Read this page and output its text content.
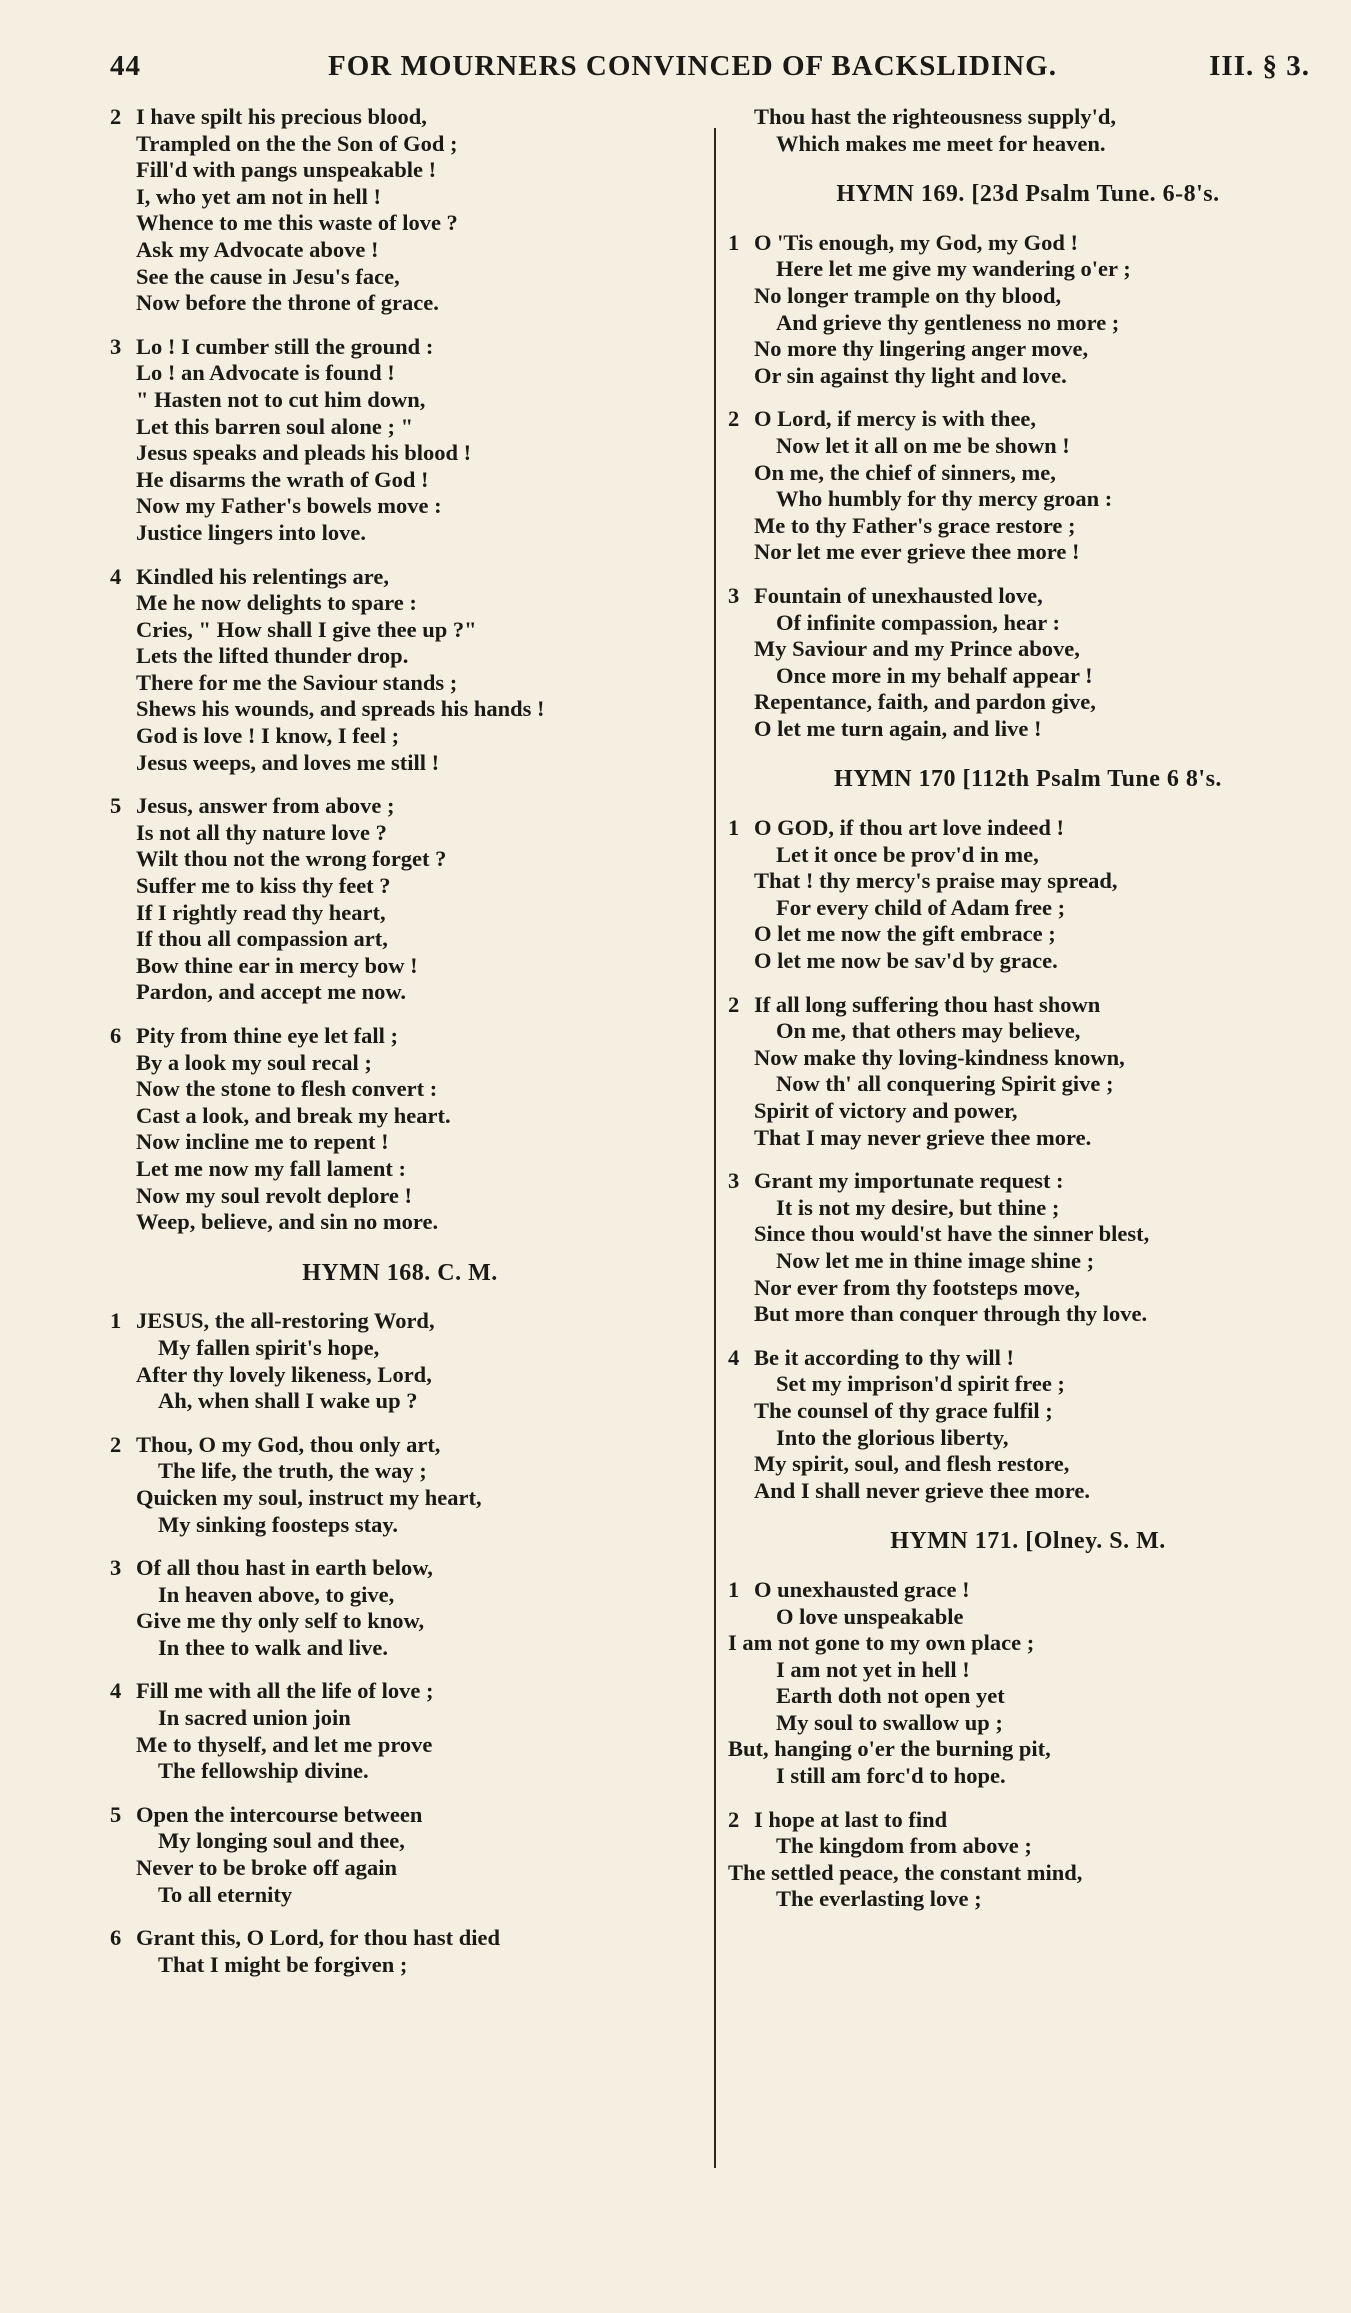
44	FOR MOURNERS CONVINCED OF BACKSLIDING.	III. § 3.
2 I have spilt his precious blood,
Trampled on the the Son of God ;
Fill'd with pangs unspeakable !
I, who yet am not in hell !
Whence to me this waste of love ?
Ask my Advocate above !
See the cause in Jesu's face,
Now before the throne of grace.
3 Lo ! I cumber still the ground :
Lo ! an Advocate is found !
" Hasten not to cut him down,
Let this barren soul alone ; "
Jesus speaks and pleads his blood !
He disarms the wrath of God !
Now my Father's bowels move :
Justice lingers into love.
4 Kindled his relentings are,
Me he now delights to spare :
Cries, " How shall I give thee up ?"
Lets the lifted thunder drop.
There for me the Saviour stands ;
Shews his wounds, and spreads his hands !
God is love ! I know, I feel ;
Jesus weeps, and loves me still !
5 Jesus, answer from above ;
Is not all thy nature love ?
Wilt thou not the wrong forget ?
Suffer me to kiss thy feet ?
If I rightly read thy heart,
If thou all compassion art,
Bow thine ear in mercy bow !
Pardon, and accept me now.
6 Pity from thine eye let fall ;
By a look my soul recal ;
Now the stone to flesh convert :
Cast a look, and break my heart.
Now incline me to repent !
Let me now my fall lament :
Now my soul revolt deplore !
Weep, believe, and sin no more.
HYMN 168. C. M.
1 JESUS, the all-restoring Word,
My fallen spirit's hope,
After thy lovely likeness, Lord,
Ah, when shall I wake up ?
2 Thou, O my God, thou only art,
The life, the truth, the way ;
Quicken my soul, instruct my heart,
My sinking foosteps stay.
3 Of all thou hast in earth below,
In heaven above, to give,
Give me thy only self to know,
In thee to walk and live.
4 Fill me with all the life of love ;
In sacred union join
Me to thyself, and let me prove
The fellowship divine.
5 Open the intercourse between
My longing soul and thee,
Never to be broke off again
To all eternity
6 Grant this, O Lord, for thou hast died
That I might be forgiven ;
Thou hast the righteousness supply'd,
Which makes me meet for heaven.
HYMN 169. [23d Psalm Tune. 6-8's.
1 O 'Tis enough, my God, my God !
Here let me give my wandering o'er ;
No longer trample on thy blood,
And grieve thy gentleness no more ;
No more thy lingering anger move,
Or sin against thy light and love.
2 O Lord, if mercy is with thee,
Now let it all on me be shown !
On me, the chief of sinners, me,
Who humbly for thy mercy groan :
Me to thy Father's grace restore ;
Nor let me ever grieve thee more !
3 Fountain of unexhausted love,
Of infinite compassion, hear :
My Saviour and my Prince above,
Once more in my behalf appear !
Repentance, faith, and pardon give,
O let me turn again, and live !
HYMN 170 [112th Psalm Tune 6 8's.
1 O GOD, if thou art love indeed !
Let it once be prov'd in me,
That ! thy mercy's praise may spread,
For every child of Adam free ;
O let me now the gift embrace ;
O let me now be sav'd by grace.
2 If all long suffering thou hast shown
On me, that others may believe,
Now make thy loving-kindness known,
Now th' all conquering Spirit give ;
Spirit of victory and power,
That I may never grieve thee more.
3 Grant my importunate request :
It is not my desire, but thine ;
Since thou would'st have the sinner blest,
Now let me in thine image shine ;
Nor ever from thy footsteps move,
But more than conquer through thy love.
4 Be it according to thy will !
Set my imprison'd spirit free ;
The counsel of thy grace fulfil ;
Into the glorious liberty,
My spirit, soul, and flesh restore,
And I shall never grieve thee more.
HYMN 171. [Olney. S. M.
1 O unexhausted grace !
O love unspeakable
I am not gone to my own place ;
I am not yet in hell !
Earth doth not open yet
My soul to swallow up ;
But, hanging o'er the burning pit,
I still am forc'd to hope.
2 I hope at last to find
The kingdom from above ;
The settled peace, the constant mind,
The everlasting love ;
